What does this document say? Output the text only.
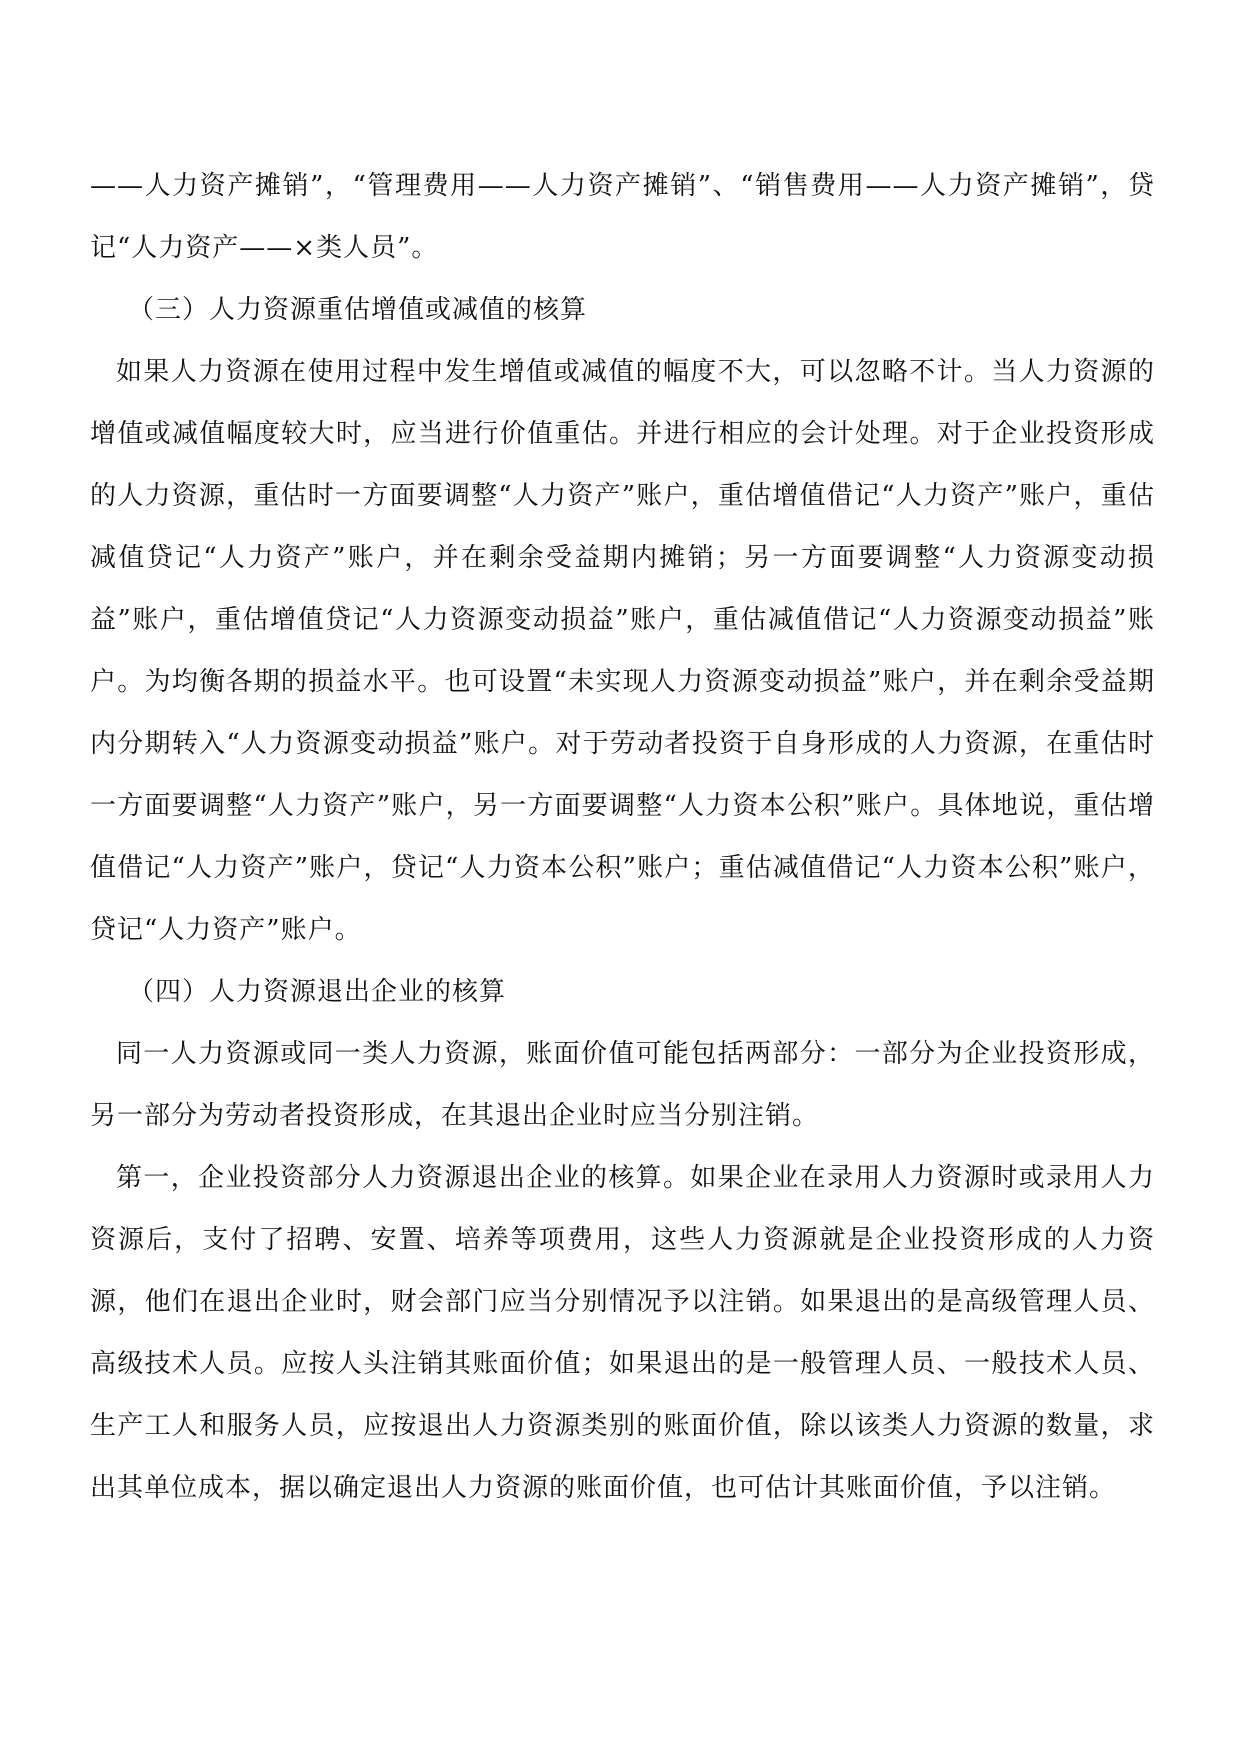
——人力资产摊销”，“管理费用——人力资产摊销”、“销售费用——人力资产摊销”，贷记“人力资产——×类人员”。

（三）人力资源重估增值或减值的核算

如果人力资源在使用过程中发生增值或减值的幅度不大，可以忽略不计。当人力资源的增值或减值幅度较大时，应当进行价值重估。并进行相应的会计处理。对于企业投资形成的人力资源，重估时一方面要调整“人力资产”账户，重估增值借记“人力资产”账户，重估减值贷记“人力资产”账户，并在剩余受益期内摊销；另一方面要调整“人力资源变动损益”账户，重估增值贷记“人力资源变动损益”账户，重估减值借记“人力资源变动损益”账户。为均衡各期的损益水平。也可设置“未实现人力资源变动损益”账户，并在剩余受益期内分期转入“人力资源变动损益”账户。对于劳动者投资于自身形成的人力资源，在重估时一方面要调整“人力资产”账户，另一方面要调整“人力资本公积”账户。具体地说，重估增值借记“人力资产”账户，贷记“人力资本公积”账户；重估减值借记“人力资本公积”账户，贷记“人力资产”账户。

（四）人力资源退出企业的核算

同一人力资源或同一类人力资源，账面价值可能包括两部分：一部分为企业投资形成，另一部分为劳动者投资形成，在其退出企业时应当分别注销。

第一，企业投资部分人力资源退出企业的核算。如果企业在录用人力资源时或录用人力资源后，支付了招聘、安置、培养等项费用，这些人力资源就是企业投资形成的人力资源，他们在退出企业时，财会部门应当分别情况予以注销。如果退出的是高级管理人员、高级技术人员。应按人头注销其账面价值；如果退出的是一般管理人员、一般技术人员、生产工人和服务人员，应按退出人力资源类别的账面价值，除以该类人力资源的数量，求出其单位成本，据以确定退出人力资源的账面价值，也可估计其账面价值，予以注销。
